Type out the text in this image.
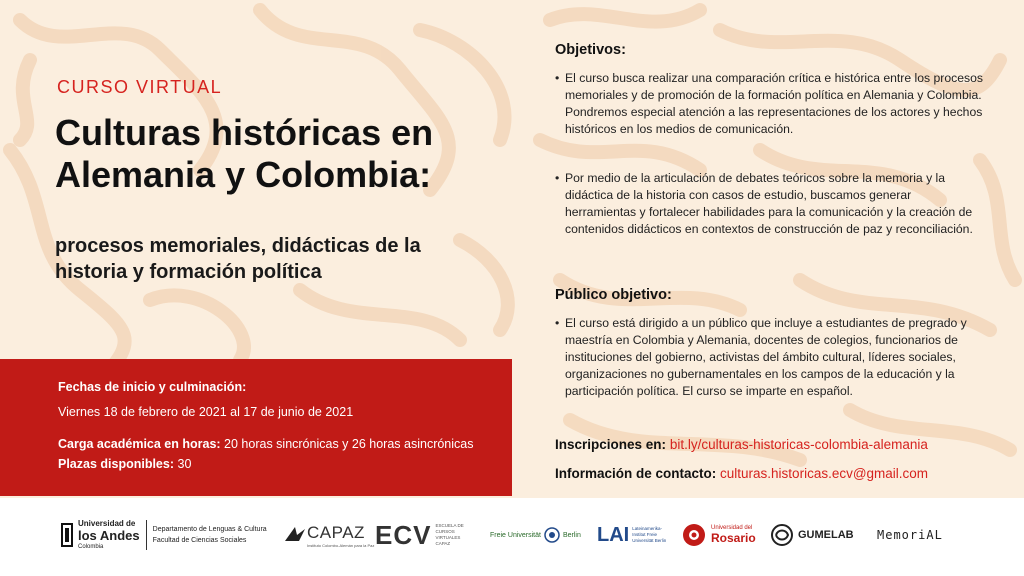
CURSO VIRTUAL
Culturas históricas en Alemania y Colombia:
procesos memoriales, didácticas de la historia y formación política
Fechas de inicio y culminación:
Viernes 18 de febrero de 2021 al 17 de junio de 2021
Carga académica en horas: 20 horas sincrónicas y 26 horas asincrónicas
Plazas disponibles: 30
Objetivos:
• El curso busca realizar una comparación crítica e histórica entre los procesos memoriales y de promoción de la formación política en Alemania y Colombia. Pondremos especial atención a las representaciones de los actores y hechos históricos en los medios de comunicación.
• Por medio de la articulación de debates teóricos sobre la memoria y la didáctica de la historia con casos de estudio, buscamos generar herramientas y fortalecer habilidades para la comunicación y la creación de contenidos didácticos en contextos de construcción de paz y reconciliación.
Público objetivo:
• El curso está dirigido a un público que incluye a estudiantes de pregrado y maestría en Colombia y Alemania, docentes de colegios, funcionarios de instituciones del gobierno, activistas del ámbito cultural, líderes sociales, organizaciones no gubernamentales en los campos de la educación y la participación política. El curso se imparte en español.
Inscripciones en: bit.ly/culturas-historicas-colombia-alemania
Información de contacto: culturas.historicas.ecv@gmail.com
Universidad de
los Andes
Colombia
Departamento de Lenguas & Cultura
Facultad de Ciencias Sociales	CAPAZ
Instituto Colombo-Alemán para la Paz ECV ESCUELA DE CURSOS VIRTUALES CAPAZ
Freie Universität	Berlin LAI Lateinamerika-Institut Freie Universität Berlin
Universidad del
Rosario	GUMELAB MemoriAL
